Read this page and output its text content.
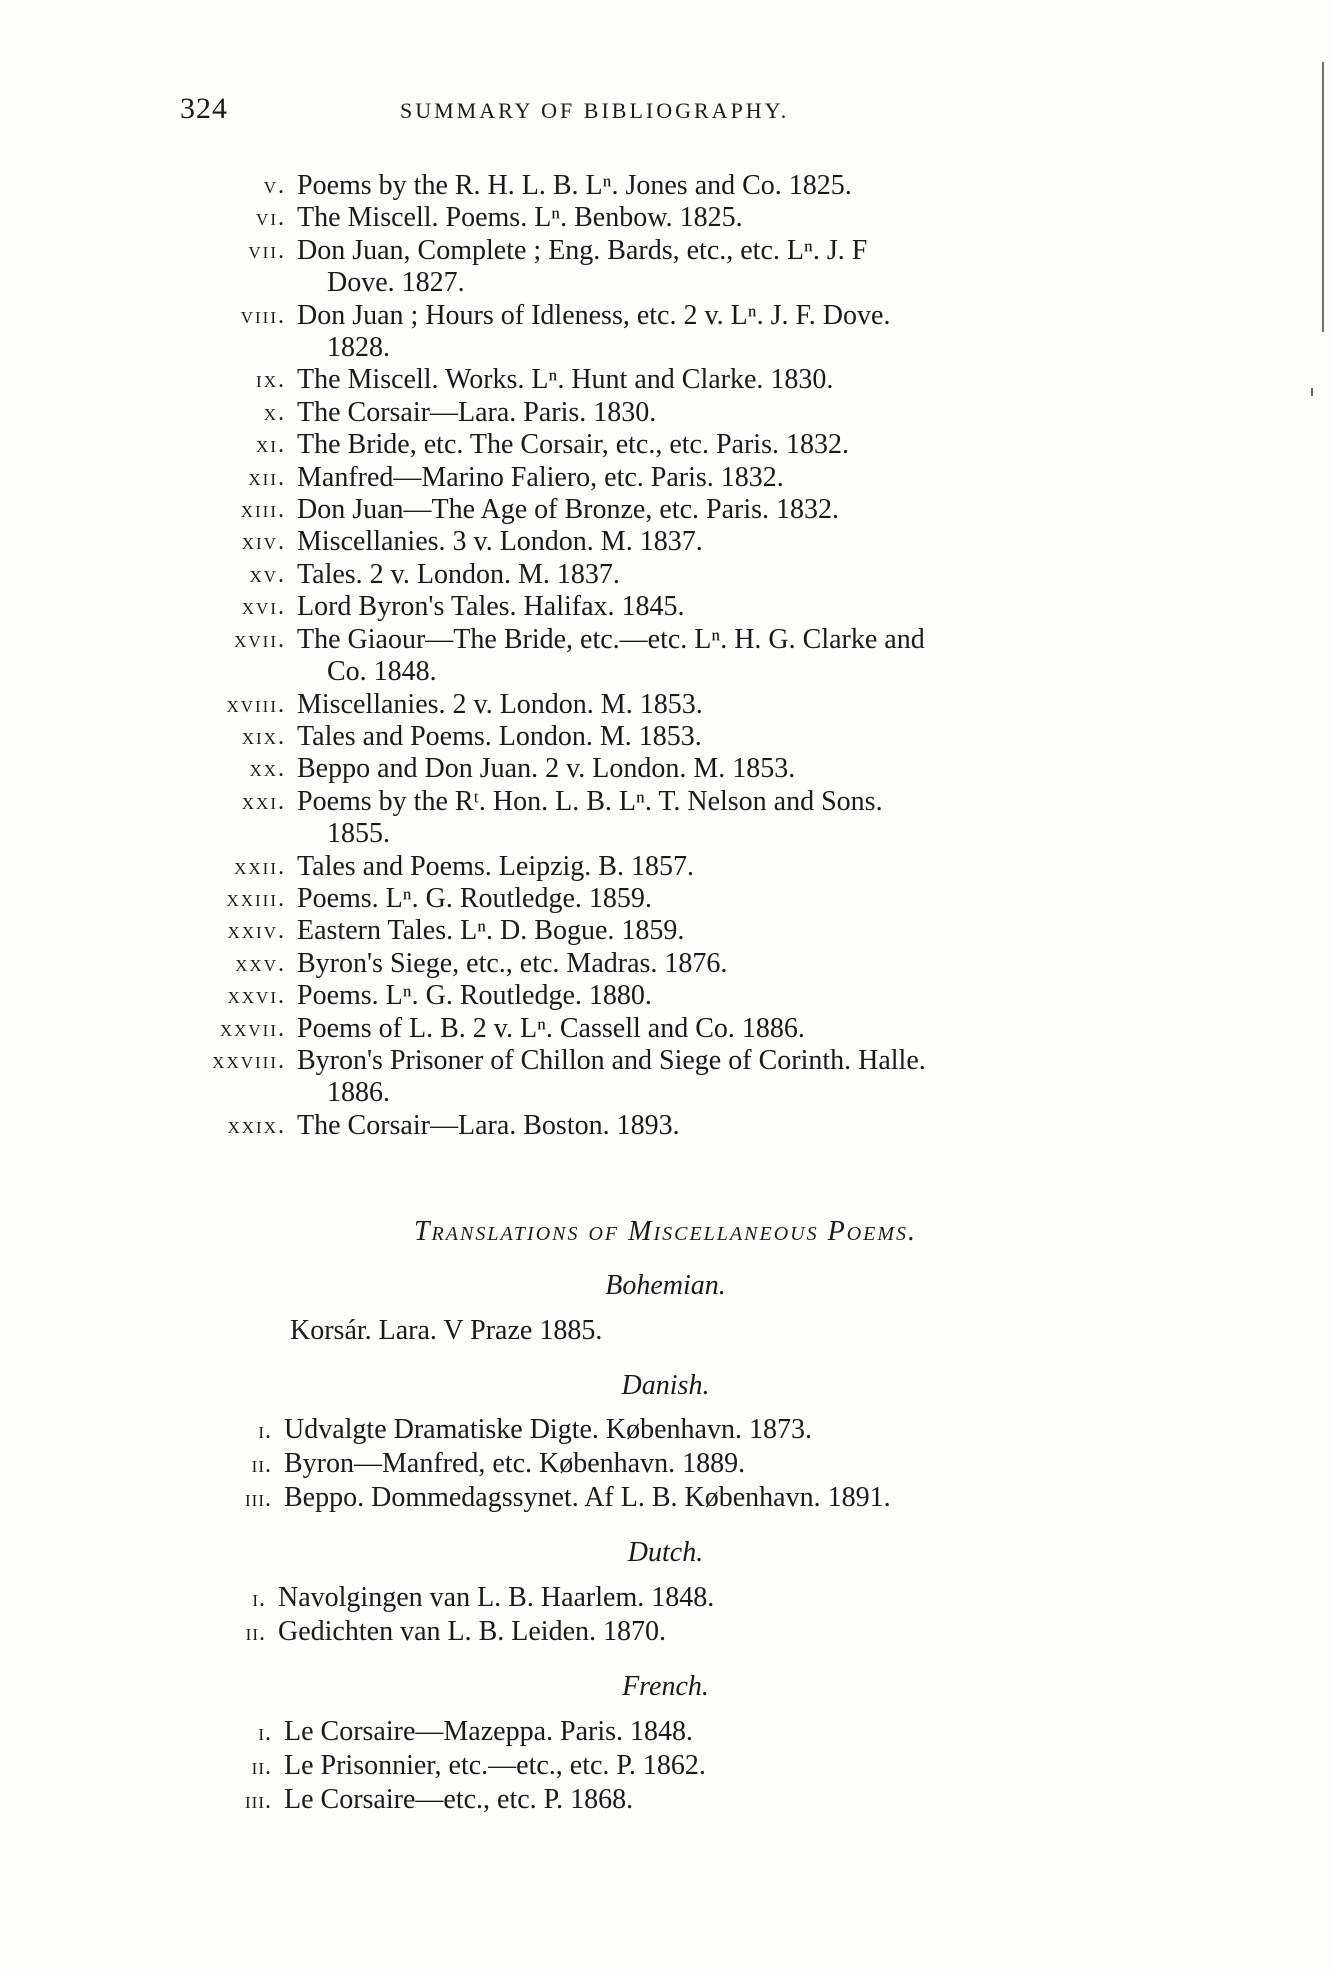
324	SUMMARY OF BIBLIOGRAPHY.
v. Poems by the R. H. L. B. Lⁿ. Jones and Co. 1825.
vi. The Miscell. Poems. Lⁿ. Benbow. 1825.
vii. Don Juan, Complete ; Eng. Bards, etc., etc. Lⁿ. J. F
Dove. 1827.
viii. Don Juan ; Hours of Idleness, etc. 2 v. Lⁿ. J. F. Dove.
1828.
ix. The Miscell. Works. Lⁿ. Hunt and Clarke. 1830.
x. The Corsair—Lara. Paris. 1830.
xi. The Bride, etc. The Corsair, etc., etc. Paris. 1832.
xii. Manfred—Marino Faliero, etc. Paris. 1832.
xiii. Don Juan—The Age of Bronze, etc. Paris. 1832.
xiv. Miscellanies. 3 v. London. M. 1837.
xv. Tales. 2 v. London. M. 1837.
xvi. Lord Byron's Tales. Halifax. 1845.
xvii. The Giaour—The Bride, etc.—etc. Lⁿ. H. G. Clarke and
Co. 1848.
xviii. Miscellanies. 2 v. London. M. 1853.
xix. Tales and Poems. London. M. 1853.
xx. Beppo and Don Juan. 2 v. London. M. 1853.
xxi. Poems by the Rᵗ. Hon. L. B. Lⁿ. T. Nelson and Sons.
1855.
xxii. Tales and Poems. Leipzig. B. 1857.
xxiii. Poems. Lⁿ. G. Routledge. 1859.
xxiv. Eastern Tales. Lⁿ. D. Bogue. 1859.
xxv. Byron's Siege, etc., etc. Madras. 1876.
xxvi. Poems. Lⁿ. G. Routledge. 1880.
xxvii. Poems of L. B. 2 v. Lⁿ. Cassell and Co. 1886.
xxviii. Byron's Prisoner of Chillon and Siege of Corinth. Halle.
1886.
xxix. The Corsair—Lara. Boston. 1893.
Translations of Miscellaneous Poems.
Bohemian.
Korsár. Lara. V Praze 1885.
Danish.
i. Udvalgte Dramatiske Digte. København. 1873.
ii. Byron—Manfred, etc. København. 1889.
iii. Beppo. Dommedagssynet. Af L. B. København. 1891.
Dutch.
i. Navolgingen van L. B. Haarlem. 1848.
ii. Gedichten van L. B. Leiden. 1870.
French.
i. Le Corsaire—Mazeppa. Paris. 1848.
ii. Le Prisonnier, etc.—etc., etc. P. 1862.
iii. Le Corsaire—etc., etc. P. 1868.
